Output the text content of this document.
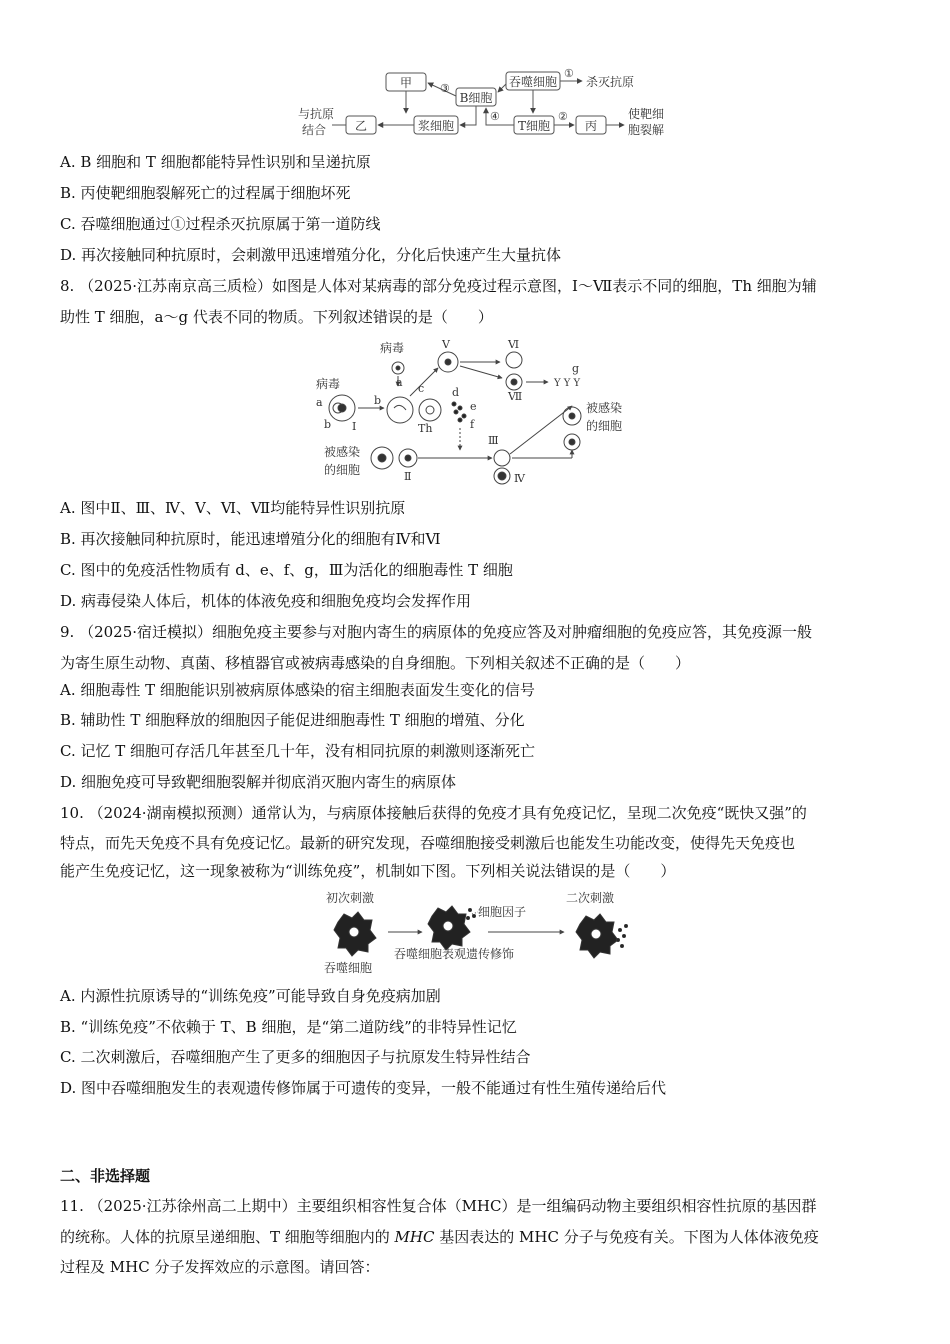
甲
B细胞
吞噬细胞
浆细胞
乙	T细胞	丙
杀灭抗原
与抗原
结合
使靶细
胞裂解
①
②
③
④
A. B 细胞和 T 细胞都能特异性识别和呈递抗原
B. 丙使靶细胞裂解死亡的过程属于细胞坏死
C. 吞噬细胞通过①过程杀灭抗原属于第一道防线
D. 再次接触同种抗原时，会刺激甲迅速增殖分化，分化后快速产生大量抗体
8. （2025·江苏南京高三质检）如图是人体对某病毒的部分免疫过程示意图，Ⅰ～Ⅶ表示不同的细胞，Th 细胞为辅
助性 T 细胞，a～g 代表不同的物质。下列叙述错误的是（　　）
病毒
病毒	a
a
b
b
c	d
e
f
g
Ⅰ	Th
Ⅱ
Ⅲ
Ⅳ
Ⅴ	Ⅵ
Ⅶ
被感染
的细胞
被感染
的细胞
Y Y Y
A. 图中Ⅱ、Ⅲ、Ⅳ、Ⅴ、Ⅵ、Ⅶ均能特异性识别抗原
B. 再次接触同种抗原时，能迅速增殖分化的细胞有Ⅳ和Ⅵ
C. 图中的免疫活性物质有 d、e、f、g，Ⅲ为活化的细胞毒性 T 细胞
D. 病毒侵染人体后，机体的体液免疫和细胞免疫均会发挥作用
9. （2025·宿迁模拟）细胞免疫主要参与对胞内寄生的病原体的免疫应答及对肿瘤细胞的免疫应答，其免疫源一般
为寄生原生动物、真菌、移植器官或被病毒感染的自身细胞。下列相关叙述不正确的是（　　）
A. 细胞毒性 T 细胞能识别被病原体感染的宿主细胞表面发生变化的信号
B. 辅助性 T 细胞释放的细胞因子能促进细胞毒性 T 细胞的增殖、分化
C. 记忆 T 细胞可存活几年甚至几十年，没有相同抗原的刺激则逐渐死亡
D. 细胞免疫可导致靶细胞裂解并彻底消灭胞内寄生的病原体
10. （2024·湖南模拟预测）通常认为，与病原体接触后获得的免疫才具有免疫记忆，呈现二次免疫“既快又强”的
特点，而先天免疫不具有免疫记忆。最新的研究发现，吞噬细胞接受刺激后也能发生功能改变，使得先天免疫也
能产生免疫记忆，这一现象被称为“训练免疫”，机制如下图。下列相关说法错误的是（　　）
初次刺激	二次刺激
细胞因子
吞噬细胞表观遗传修饰
吞噬细胞
A. 内源性抗原诱导的“训练免疫”可能导致自身免疫病加剧
B. “训练免疫”不依赖于 T、B 细胞，是“第二道防线”的非特异性记忆
C. 二次刺激后，吞噬细胞产生了更多的细胞因子与抗原发生特异性结合
D. 图中吞噬细胞发生的表观遗传修饰属于可遗传的变异，一般不能通过有性生殖传递给后代
二、非选择题
11. （2025·江苏徐州高二上期中）主要组织相容性复合体（MHC）是一组编码动物主要组织相容性抗原的基因群
的统称。人体的抗原呈递细胞、T 细胞等细胞内的 MHC 基因表达的 MHC 分子与免疫有关。下图为人体体液免疫
过程及 MHC 分子发挥效应的示意图。请回答：
